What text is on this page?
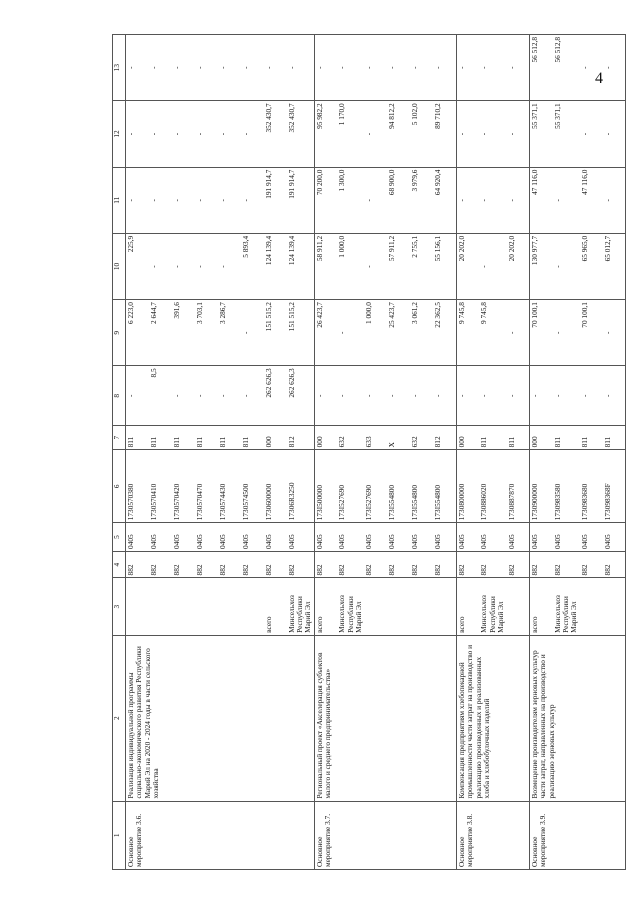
4
1	2	3	4	5	6	7	8	9	10	11	12	13
Основное мероприятие 3.6.	Реализация индивидуальной программы социально-экономического развития Республики Марий Эл на 2020 - 2024 годы в части сельского хозяйства		882	0405	1730570380	811	-	6 223,0	225,9	-	-	-
			882	0405	1730570410	811	8,5	2 644,7	-	-	-	-
			882	0405	1730570420	811	-	391,6	-	-	-	-
			882	0405	1730570470	811	-	3 703,1	-	-	-	-
			882	0405	1730574430	811	-	3 286,7	-	-	-	-
			882	0405	1730574500	811	-	-	5 893,4	-	-	-
		всего	882	0405	1730600000	000	262 626,3	151 515,2	124 139,4	191 914,7	352 430,7	-
		Минсельхоз Республики Марий Эл	882	0405	17306R3250	812	262 626,3	151 515,2	124 139,4	191 914,7	352 430,7	-
Основное мероприятие 3.7.	Региональный проект «Акселерация субъектов малого и среднего предпринимательства»	всего	882	0405	173I500000	000	-	26 423,7	58 911,2	70 200,0	95 982,2	-
		Минсельхоз Республики Марий Эл	882	0405	173I527690	632	-	-	1 000,0	1 300,0	1 170,0	-
			882	0405	173I527690	633	-	1 000,0	-	-	-	-
			882	0405	173I554800	Х	-	25 423,7	57 911,2	68 900,0	94 812,2	-
			882	0405	173I554800	632	-	3 061,2	2 755,1	3 979,6	5 102,0	-
			882	0405	173I554800	812	-	22 362,5	55 156,1	64 920,4	89 710,2	-
Основное мероприятие 3.8.	Компенсация предприятиям хлебопекарной промышленности части затрат на производство и реализацию произведенных и реализованных хлеба и хлебобулочных изделий	всего	882	0405	1730800000	000	-	9 745,8	20 202,0	-	-	-
		Минсельхоз Республики Марий Эл	882	0405	1730886020	811	-	9 745,8	-	-	-	-
			882	0405	1730887870	811	-	-	20 202,0	-	-	-
Основное мероприятие 3.9.	Возмещение производителям зерновых культур части затрат, направленных на производство и реализацию зерновых культур	всего	882	0405	1730900000	000	-	70 100,1	130 977,7	47 116,0	55 371,1	56 512,8
		Минсельхоз Республики Марий Эл	882	0405	1730983580	811	-	-	-	-	55 371,1	56 512,8
			882	0405	1730983680	811	-	70 100,1	65 965,0	47 116,0	-	-
			882	0405	173098368F	811	-	-	65 012,7	-	-	-
